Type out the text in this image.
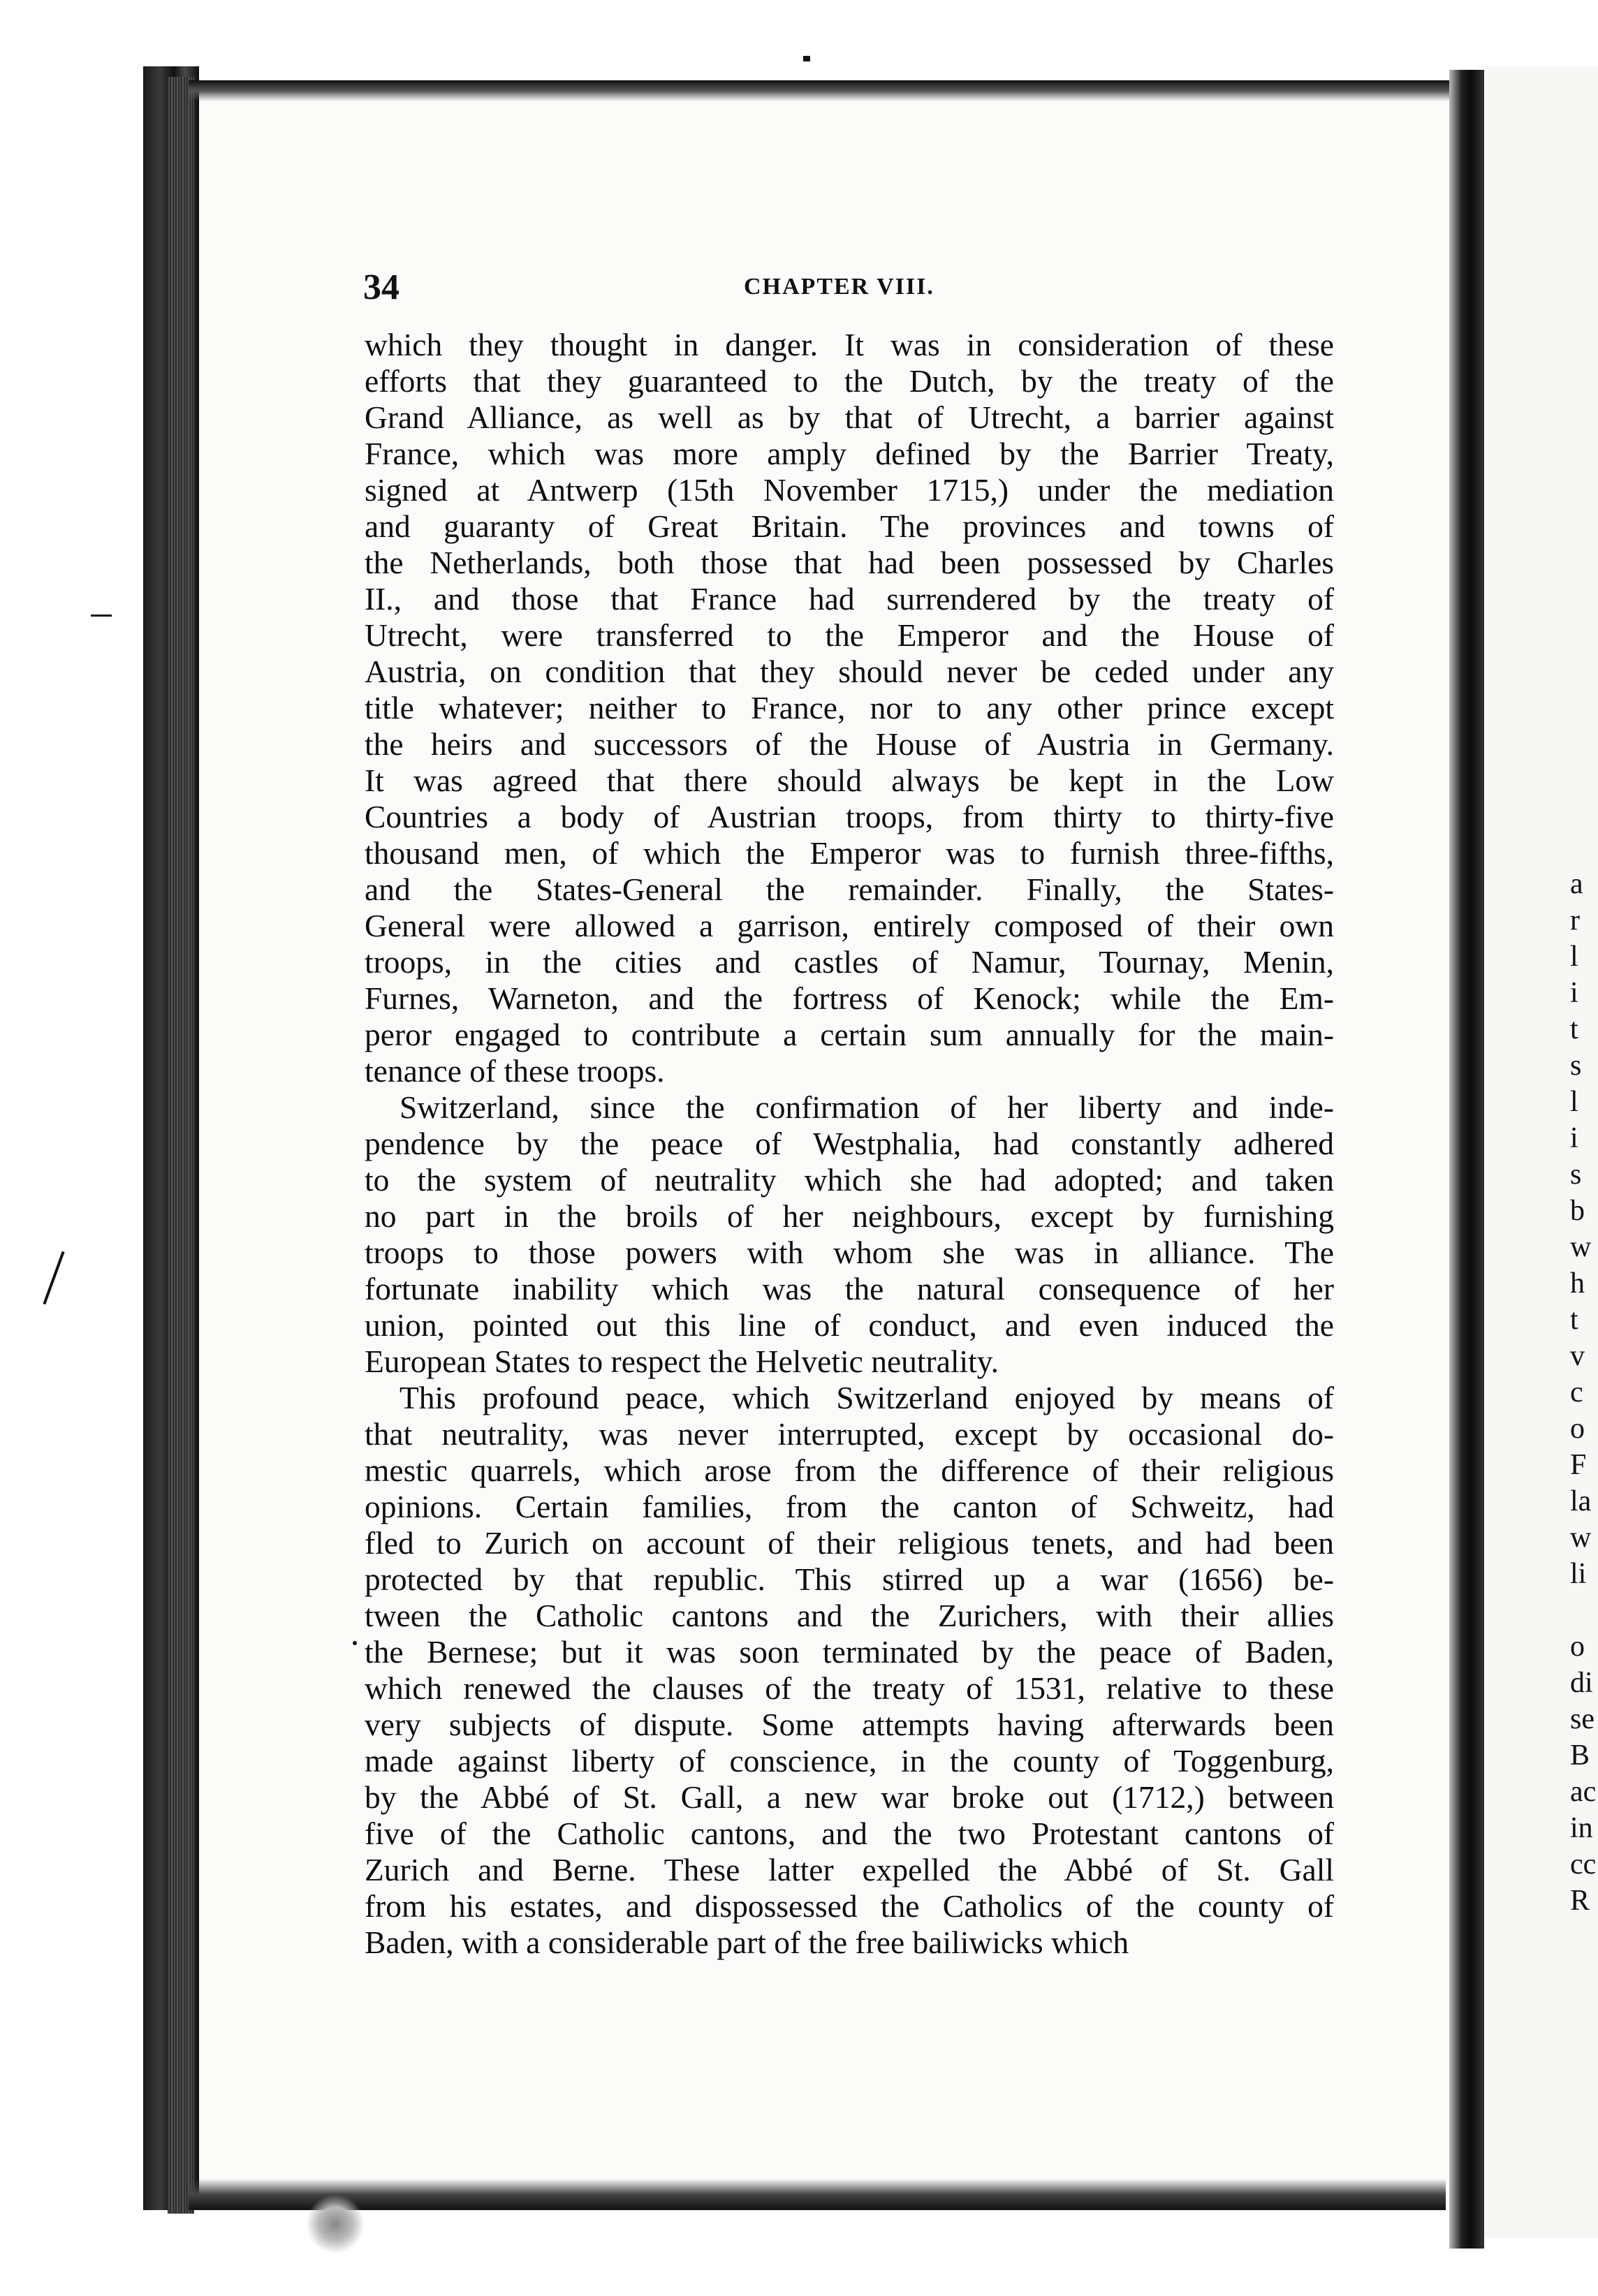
34	CHAPTER VIII.
which they thought in danger. It was in consideration of these
efforts that they guaranteed to the Dutch, by the treaty of the
Grand Alliance, as well as by that of Utrecht, a barrier against
France, which was more amply defined by the Barrier Treaty,
signed at Antwerp (15th November 1715,) under the mediation
and guaranty of Great Britain. The provinces and towns of
the Netherlands, both those that had been possessed by Charles
II., and those that France had surrendered by the treaty of
Utrecht, were transferred to the Emperor and the House of
Austria, on condition that they should never be ceded under any
title whatever; neither to France, nor to any other prince except
the heirs and successors of the House of Austria in Germany.
It was agreed that there should always be kept in the Low
Countries a body of Austrian troops, from thirty to thirty-five
thousand men, of which the Emperor was to furnish three-fifths,
and the States-General the remainder. Finally, the States-
General were allowed a garrison, entirely composed of their own
troops, in the cities and castles of Namur, Tournay, Menin,
Furnes, Warneton, and the fortress of Kenock; while the Em-
peror engaged to contribute a certain sum annually for the main-
tenance of these troops.
Switzerland, since the confirmation of her liberty and inde-
pendence by the peace of Westphalia, had constantly adhered
to the system of neutrality which she had adopted; and taken
no part in the broils of her neighbours, except by furnishing
troops to those powers with whom she was in alliance. The
fortunate inability which was the natural consequence of her
union, pointed out this line of conduct, and even induced the
European States to respect the Helvetic neutrality.
This profound peace, which Switzerland enjoyed by means of
that neutrality, was never interrupted, except by occasional do-
mestic quarrels, which arose from the difference of their religious
opinions. Certain families, from the canton of Schweitz, had
fled to Zurich on account of their religious tenets, and had been
protected by that republic. This stirred up a war (1656) be-
tween the Catholic cantons and the Zurichers, with their allies
the Bernese; but it was soon terminated by the peace of Baden,
which renewed the clauses of the treaty of 1531, relative to these
very subjects of dispute. Some attempts having afterwards been
made against liberty of conscience, in the county of Toggenburg,
by the Abbé of St. Gall, a new war broke out (1712,) between
five of the Catholic cantons, and the two Protestant cantons of
Zurich and Berne. These latter expelled the Abbé of St. Gall
from his estates, and dispossessed the Catholics of the county of
Baden, with a considerable part of the free bailiwicks which
a
r
l
i
t
s
l
i
s
b
w
h
t
v
c
o
F
la
w
li
o
di
se
B
ac
in
cc
R
